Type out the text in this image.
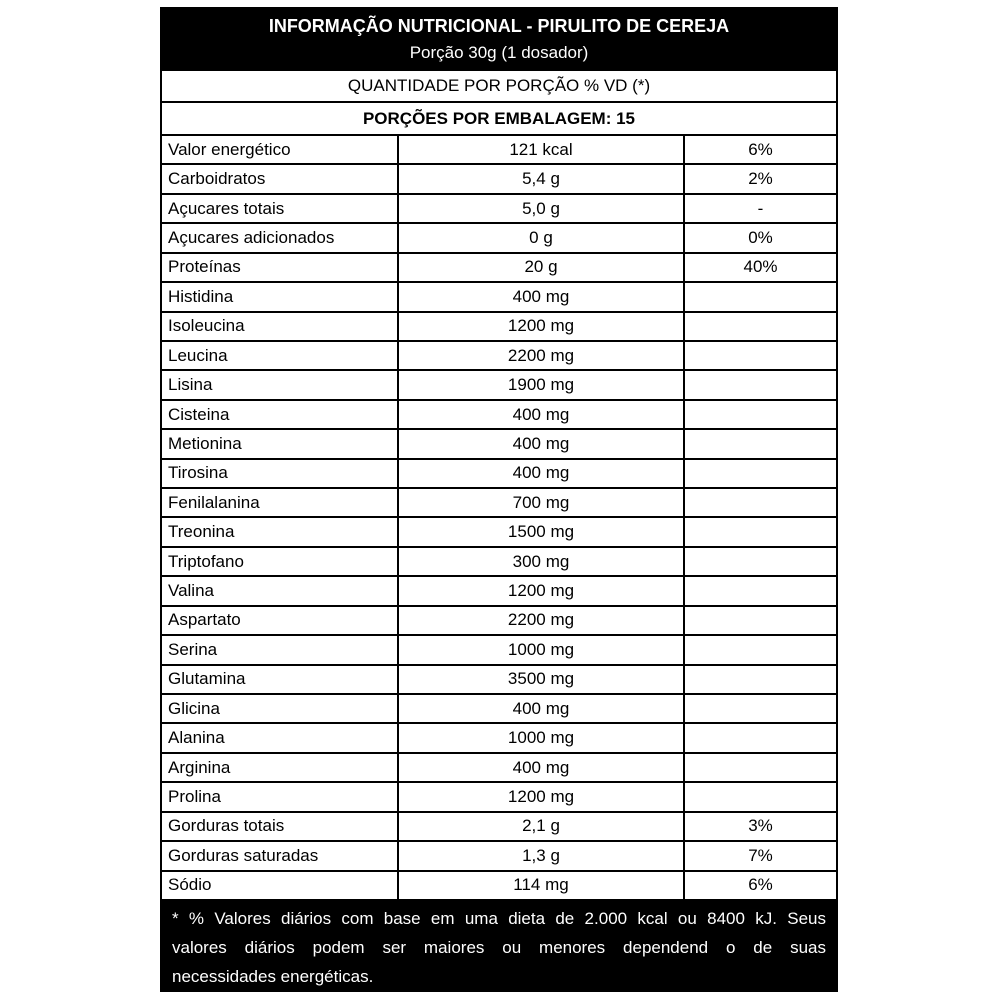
INFORMAÇÃO NUTRICIONAL - PIRULITO DE CEREJA
Porção 30g (1 dosador)
QUANTIDADE POR PORÇÃO % VD (*)
PORÇÕES POR EMBALAGEM: 15
Valor energético	121 kcal	6%
Carboidratos	5,4 g	2%
Açucares totais	5,0 g	-
Açucares adicionados	0 g	0%
Proteínas	20 g	40%
Histidina	400 mg
Isoleucina	1200 mg
Leucina	2200 mg
Lisina	1900 mg
Cisteina	400 mg
Metionina	400 mg
Tirosina	400 mg
Fenilalanina	700 mg
Treonina	1500 mg
Triptofano	300 mg
Valina	1200 mg
Aspartato	2200 mg
Serina	1000 mg
Glutamina	3500 mg
Glicina	400 mg
Alanina	1000 mg
Arginina	400 mg
Prolina	1200 mg
Gorduras totais	2,1 g	3%
Gorduras saturadas	1,3 g	7%
Sódio	114 mg	6%
* % Valores diários com base em uma dieta de 2.000 kcal ou 8400 kJ. Seus
valores diários podem ser maiores ou menores dependend o de suas
necessidades energéticas.
